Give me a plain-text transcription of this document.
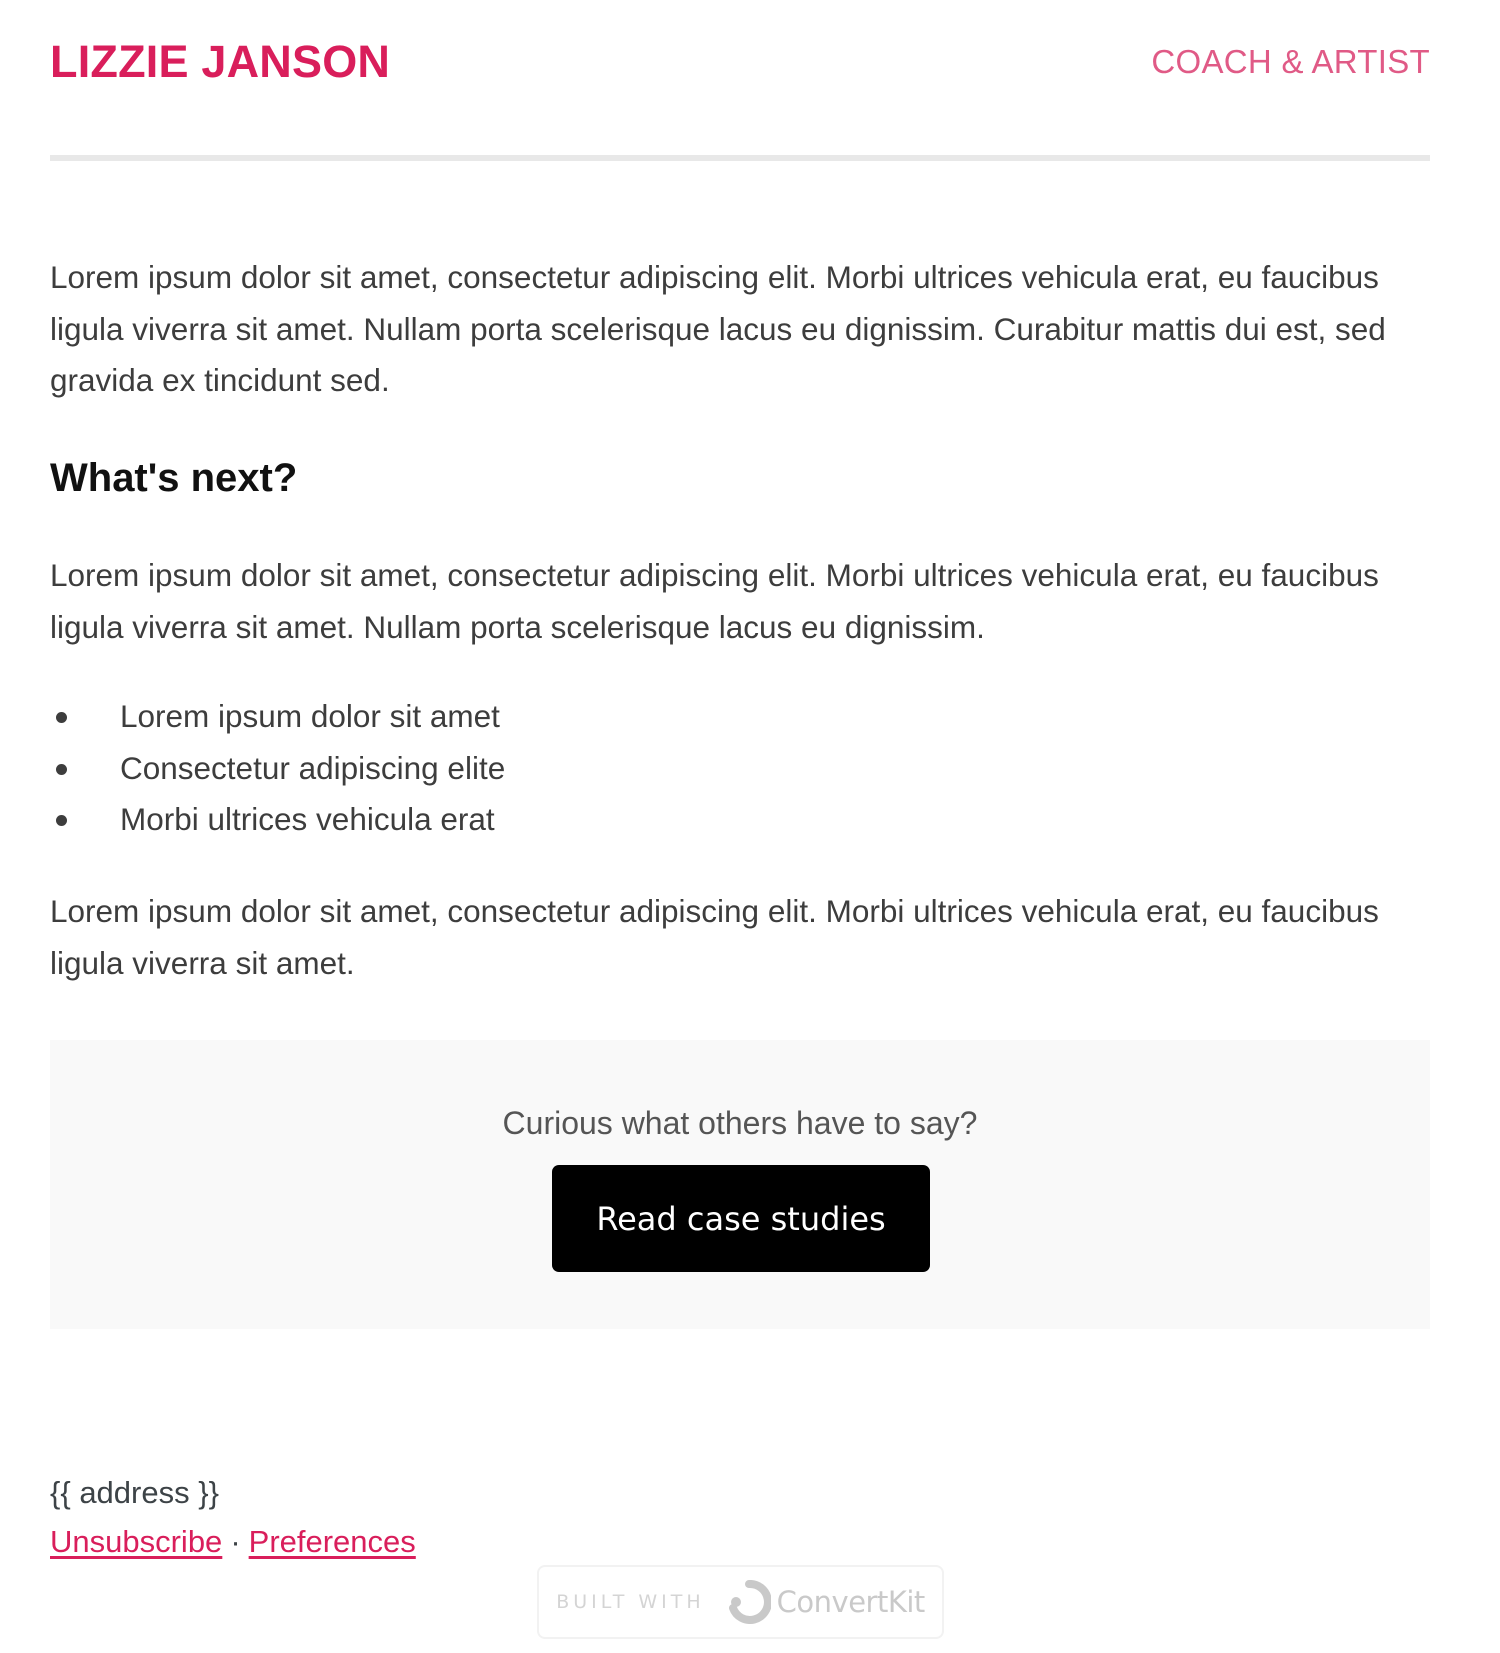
LIZZIE JANSON	COACH & ARTIST

Lorem ipsum dolor sit amet, consectetur adipiscing elit. Morbi ultrices vehicula erat, eu faucibus ligula viverra sit amet. Nullam porta scelerisque lacus eu dignissim. Curabitur mattis dui est, sed gravida ex tincidunt sed.

What's next?

Lorem ipsum dolor sit amet, consectetur adipiscing elit. Morbi ultrices vehicula erat, eu faucibus ligula viverra sit amet. Nullam porta scelerisque lacus eu dignissim.

Lorem ipsum dolor sit amet
Consectetur adipiscing elite
Morbi ultrices vehicula erat

Lorem ipsum dolor sit amet, consectetur adipiscing elit. Morbi ultrices vehicula erat, eu faucibus ligula viverra sit amet.

Curious what others have to say?
Read case studies
{{ address }}
Unsubscribe · Preferences
BUILT WITH ConvertKit
